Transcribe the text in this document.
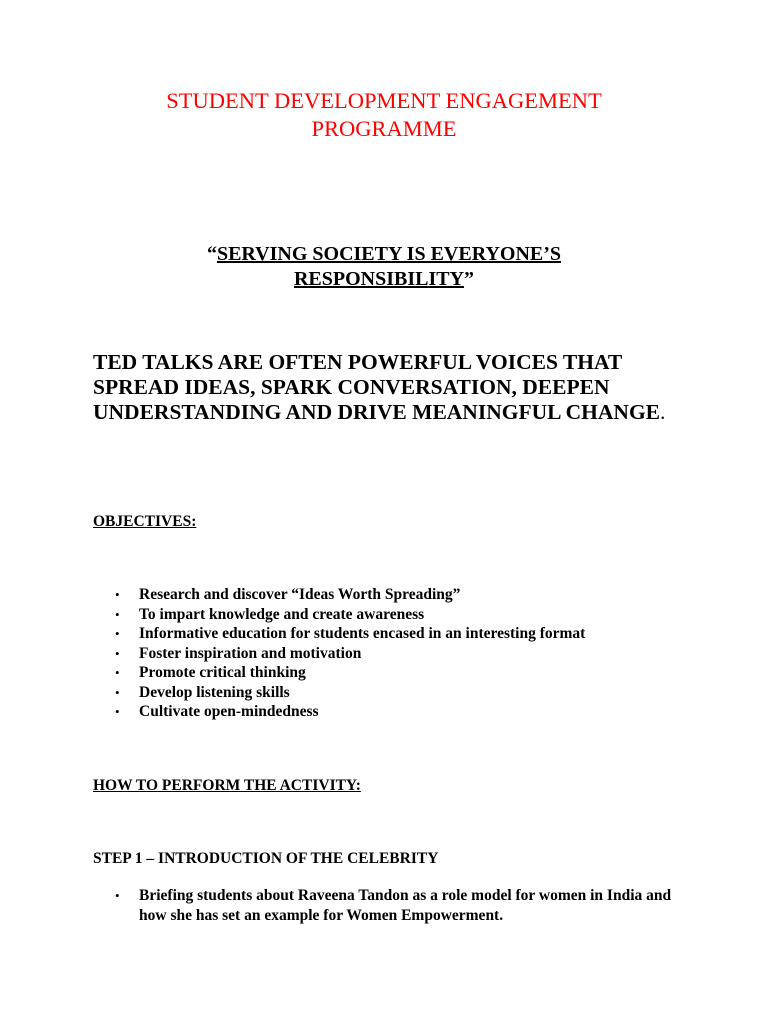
STUDENT DEVELOPMENT ENGAGEMENT
PROGRAMME
“SERVING SOCIETY IS EVERYONE’S
RESPONSIBILITY”
TED TALKS ARE OFTEN POWERFUL VOICES THAT SPREAD IDEAS, SPARK CONVERSATION, DEEPEN UNDERSTANDING AND DRIVE MEANINGFUL CHANGE.
OBJECTIVES:
• Research and discover “Ideas Worth Spreading”
• To impart knowledge and create awareness
• Informative education for students encased in an interesting format
• Foster inspiration and motivation
• Promote critical thinking
• Develop listening skills
• Cultivate open-mindedness
HOW TO PERFORM THE ACTIVITY:
STEP 1 – INTRODUCTION OF THE CELEBRITY
• Briefing students about Raveena Tandon as a role model for women in India and how she has set an example for Women Empowerment.
